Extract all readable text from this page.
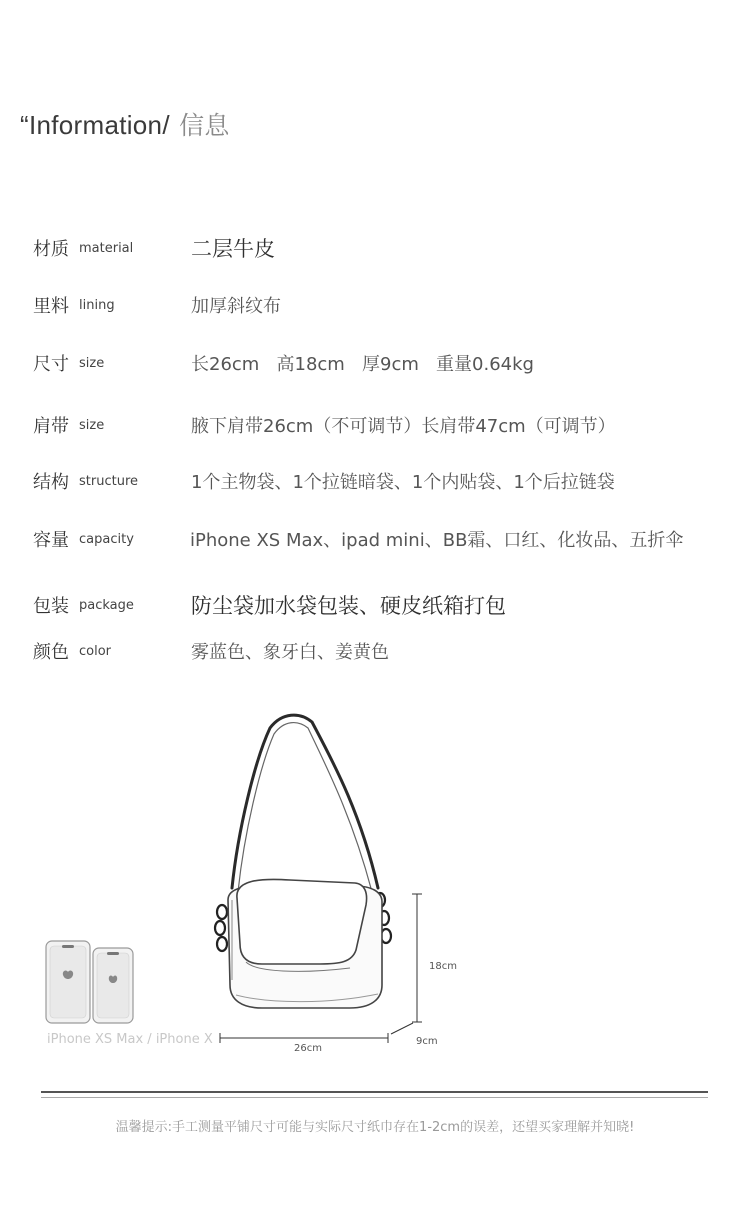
“Information/ 信息
材质 material	二层牛皮
里料 lining	加厚斜纹布
尺寸 size	长26cm   高18cm   厚9cm   重量0.64kg
肩带 size	腋下肩带26cm（不可调节）长肩带47cm（可调节）
结构 structure	1个主物袋、1个拉链暗袋、1个内贴袋、1个后拉链袋
容量 capacity	iPhone XS Max、ipad mini、BB霜、口红、化妆品、五折伞
包装 package	防尘袋加水袋包装、硬皮纸箱打包
颜色 color	雾蓝色、象牙白、姜黄色
iPhone XS Max / iPhone X
18cm
26cm
9cm
温馨提示:手工测量平铺尺寸可能与实际尺寸纸巾存在1-2cm的误差，还望买家理解并知晓!
